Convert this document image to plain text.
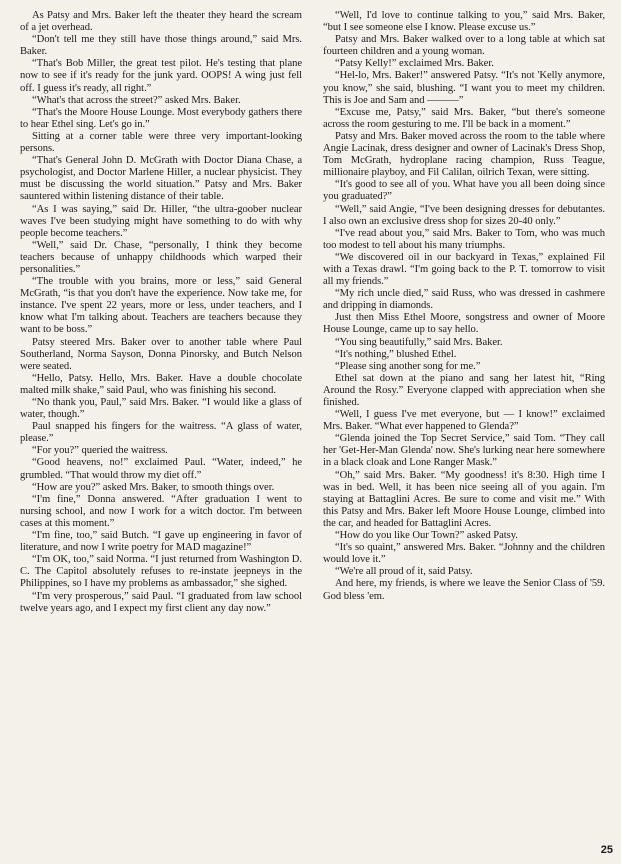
As Patsy and Mrs. Baker left the theater they heard the scream of a jet overhead.

“Don't tell me they still have those things around,” said Mrs. Baker.

“That's Bob Miller, the great test pilot. He's testing that plane now to see if it's ready for the junk yard. OOPS! A wing just fell off. I guess it's ready, all right.”

“What's that across the street?” asked Mrs. Baker.

“That's the Moore House Lounge. Most everybody gathers there to hear Ethel sing. Let's go in.”

Sitting at a corner table were three very important-looking persons.

“That's General John D. McGrath with Doctor Diana Chase, a psychologist, and Doctor Marlene Hiller, a nuclear physicist. They must be discussing the world situation.” Patsy and Mrs. Baker sauntered within listening distance of their table.

“As I was saying,” said Dr. Hiller, “the ultra-goober nuclear waves I've been studying might have something to do with why people become teachers.”

“Well,” said Dr. Chase, “personally, I think they become teachers because of unhappy childhoods which warped their personalities.”

“The trouble with you brains, more or less,” said General McGrath, “is that you don't have the experience. Now take me, for instance. I've spent 22 years, more or less, under teachers, and I know what I'm talking about. Teachers are teachers because they want to be boss.”

Patsy steered Mrs. Baker over to another table where Paul Southerland, Norma Sayson, Donna Pinorsky, and Butch Nelson were seated.

“Hello, Patsy. Hello, Mrs. Baker. Have a double chocolate malted milk shake,” said Paul, who was finishing his second.

“No thank you, Paul,” said Mrs. Baker. “I would like a glass of water, though.”

Paul snapped his fingers for the waitress. “A glass of water, please.”

“For you?” queried the waitress.

“Good heavens, no!” exclaimed Paul. “Water, indeed,” he grumbled. “That would throw my diet off.”

“How are you?” asked Mrs. Baker, to smooth things over.

“I'm fine,” Donna answered. “After graduation I went to nursing school, and now I work for a witch doctor. I'm between cases at this moment.”

“I'm fine, too,” said Butch. “I gave up engineering in favor of literature, and now I write poetry for MAD magazine!”

“I'm OK, too,” said Norma. “I just returned from Washington D. C. The Capitol absolutely refuses to re-instate jeepneys in the Philippines, so I have my problems as ambassador,” she sighed.

“I'm very prosperous,” said Paul. “I graduated from law school twelve years ago, and I expect my first client any day now.”

“Well, I'd love to continue talking to you,” said Mrs. Baker, “but I see someone else I know. Please excuse us.”

Patsy and Mrs. Baker walked over to a long table at which sat fourteen children and a young woman.

“Patsy Kelly!” exclaimed Mrs. Baker.

“Hel-lo, Mrs. Baker!” answered Patsy. “It's not 'Kelly anymore, you know,” she said, blushing. “I want you to meet my children. This is Joe and Sam and ———”

“Excuse me, Patsy,” said Mrs. Baker, “but there's someone across the room gesturing to me. I'll be back in a moment.”

Patsy and Mrs. Baker moved across the room to the table where Angie Lacinak, dress designer and owner of Lacinak's Dress Shop, Tom McGrath, hydroplane racing champion, Russ Teague, millionaire playboy, and Fil Calilan, oilrich Texan, were sitting.

“It's good to see all of you. What have you all been doing since you graduated?”

“Well,” said Angie, “I've been designing dresses for debutantes. I also own an exclusive dress shop for sizes 20-40 only.”

“I've read about you,” said Mrs. Baker to Tom, who was much too modest to tell about his many triumphs.

“We discovered oil in our backyard in Texas,” explained Fil with a Texas drawl. “I'm going back to the P. T. tomorrow to visit all my friends.”

“My rich uncle died,” said Russ, who was dressed in cashmere and dripping in diamonds.

Just then Miss Ethel Moore, songstress and owner of Moore House Lounge, came up to say hello.

“You sing beautifully,” said Mrs. Baker.

“It's nothing,” blushed Ethel.

“Please sing another song for me.”

Ethel sat down at the piano and sang her latest hit, “Ring Around the Rosy.” Everyone clapped with appreciation when she finished.

“Well, I guess I've met everyone, but — I know!” exclaimed Mrs. Baker. “What ever happened to Glenda?”

“Glenda joined the Top Secret Service,” said Tom. “They call her 'Get-Her-Man Glenda' now. She's lurking near here somewhere in a black cloak and Lone Ranger Mask.”

“Oh,” said Mrs. Baker. “My goodness! it's 8:30. High time I was in bed. Well, it has been nice seeing all of you again. I'm staying at Battaglini Acres. Be sure to come and visit me.” With this Patsy and Mrs. Baker left Moore House Lounge, climbed into the car, and headed for Battaglini Acres.

“How do you like Our Town?” asked Patsy.

“It's so quaint,” answered Mrs. Baker. “Johnny and the children would love it.”

“We're all proud of it, said Patsy.

And here, my friends, is where we leave the Senior Class of '59. God bless 'em.

25
